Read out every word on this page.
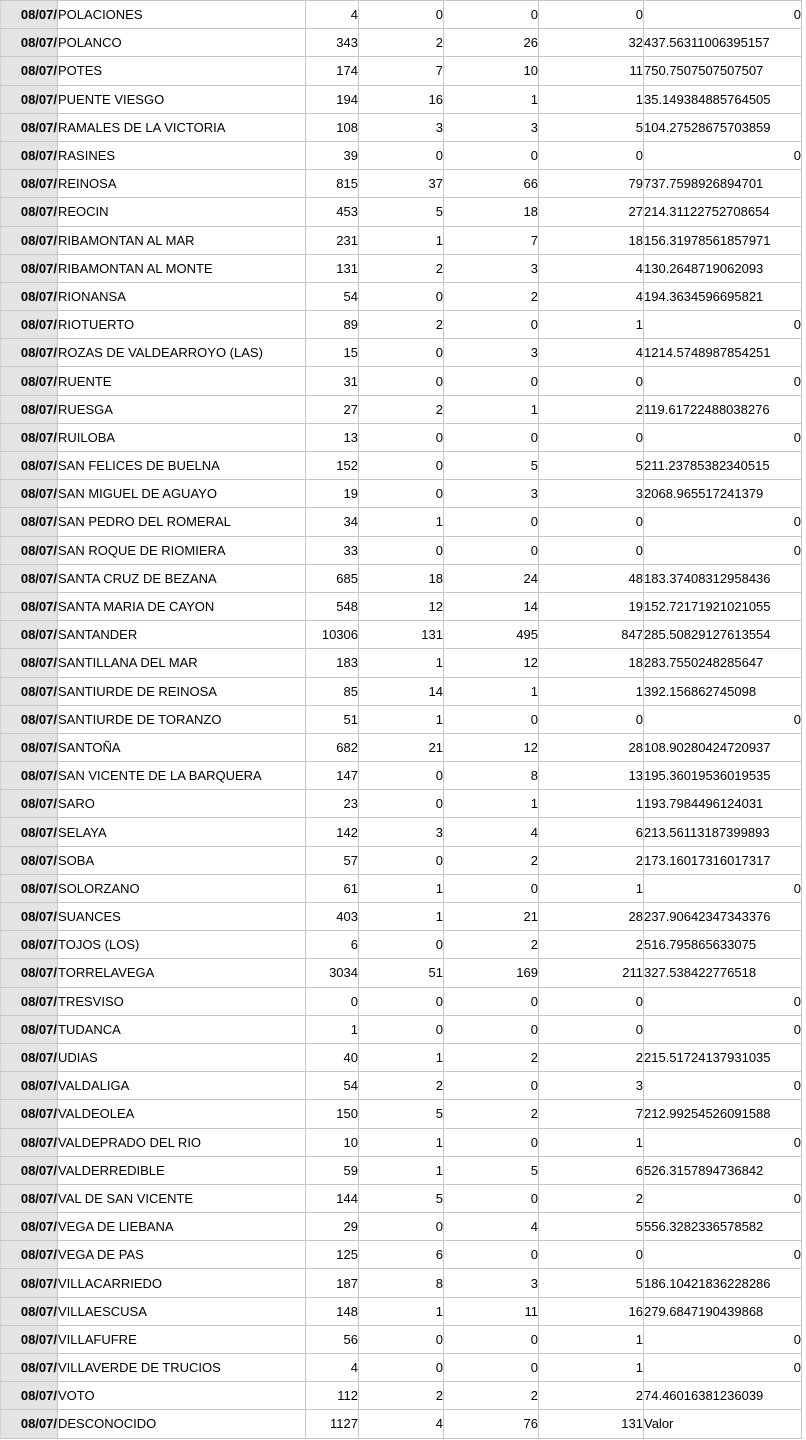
08/07/	POLACIONES	4	0	0	0	0
08/07/	POLANCO	343	2	26	32	437.56311006395157
08/07/	POTES	174	7	10	11	750.7507507507507
08/07/	PUENTE VIESGO	194	16	1	1	35.149384885764505
08/07/	RAMALES DE LA VICTORIA	108	3	3	5	104.27528675703859
08/07/	RASINES	39	0	0	0	0
08/07/	REINOSA	815	37	66	79	737.7598926894701
08/07/	REOCIN	453	5	18	27	214.31122752708654
08/07/	RIBAMONTAN AL MAR	231	1	7	18	156.31978561857971
08/07/	RIBAMONTAN AL MONTE	131	2	3	4	130.2648719062093
08/07/	RIONANSA	54	0	2	4	194.3634596695821
08/07/	RIOTUERTO	89	2	0	1	0
08/07/	ROZAS DE VALDEARROYO (LAS)	15	0	3	4	1214.5748987854251
08/07/	RUENTE	31	0	0	0	0
08/07/	RUESGA	27	2	1	2	119.61722488038276
08/07/	RUILOBA	13	0	0	0	0
08/07/	SAN FELICES DE BUELNA	152	0	5	5	211.23785382340515
08/07/	SAN MIGUEL DE AGUAYO	19	0	3	3	2068.965517241379
08/07/	SAN PEDRO DEL ROMERAL	34	1	0	0	0
08/07/	SAN ROQUE DE RIOMIERA	33	0	0	0	0
08/07/	SANTA CRUZ DE BEZANA	685	18	24	48	183.37408312958436
08/07/	SANTA MARIA DE CAYON	548	12	14	19	152.72171921021055
08/07/	SANTANDER	10306	131	495	847	285.50829127613554
08/07/	SANTILLANA DEL MAR	183	1	12	18	283.7550248285647
08/07/	SANTIURDE DE REINOSA	85	14	1	1	392.156862745098
08/07/	SANTIURDE DE TORANZO	51	1	0	0	0
08/07/	SANTOÑA	682	21	12	28	108.90280424720937
08/07/	SAN VICENTE DE LA BARQUERA	147	0	8	13	195.36019536019535
08/07/	SARO	23	0	1	1	193.7984496124031
08/07/	SELAYA	142	3	4	6	213.56113187399893
08/07/	SOBA	57	0	2	2	173.16017316017317
08/07/	SOLORZANO	61	1	0	1	0
08/07/	SUANCES	403	1	21	28	237.90642347343376
08/07/	TOJOS (LOS)	6	0	2	2	516.795865633075
08/07/	TORRELAVEGA	3034	51	169	211	327.538422776518
08/07/	TRESVISO	0	0	0	0	0
08/07/	TUDANCA	1	0	0	0	0
08/07/	UDIAS	40	1	2	2	215.51724137931035
08/07/	VALDALIGA	54	2	0	3	0
08/07/	VALDEOLEA	150	5	2	7	212.99254526091588
08/07/	VALDEPRADO DEL RIO	10	1	0	1	0
08/07/	VALDERREDIBLE	59	1	5	6	526.3157894736842
08/07/	VAL DE SAN VICENTE	144	5	0	2	0
08/07/	VEGA DE LIEBANA	29	0	4	5	556.3282336578582
08/07/	VEGA DE PAS	125	6	0	0	0
08/07/	VILLACARRIEDO	187	8	3	5	186.10421836228286
08/07/	VILLAESCUSA	148	1	11	16	279.6847190439868
08/07/	VILLAFUFRE	56	0	0	1	0
08/07/	VILLAVERDE DE TRUCIOS	4	0	0	1	0
08/07/	VOTO	112	2	2	2	74.46016381236039
08/07/	DESCONOCIDO	1127	4	76	131	Valor
